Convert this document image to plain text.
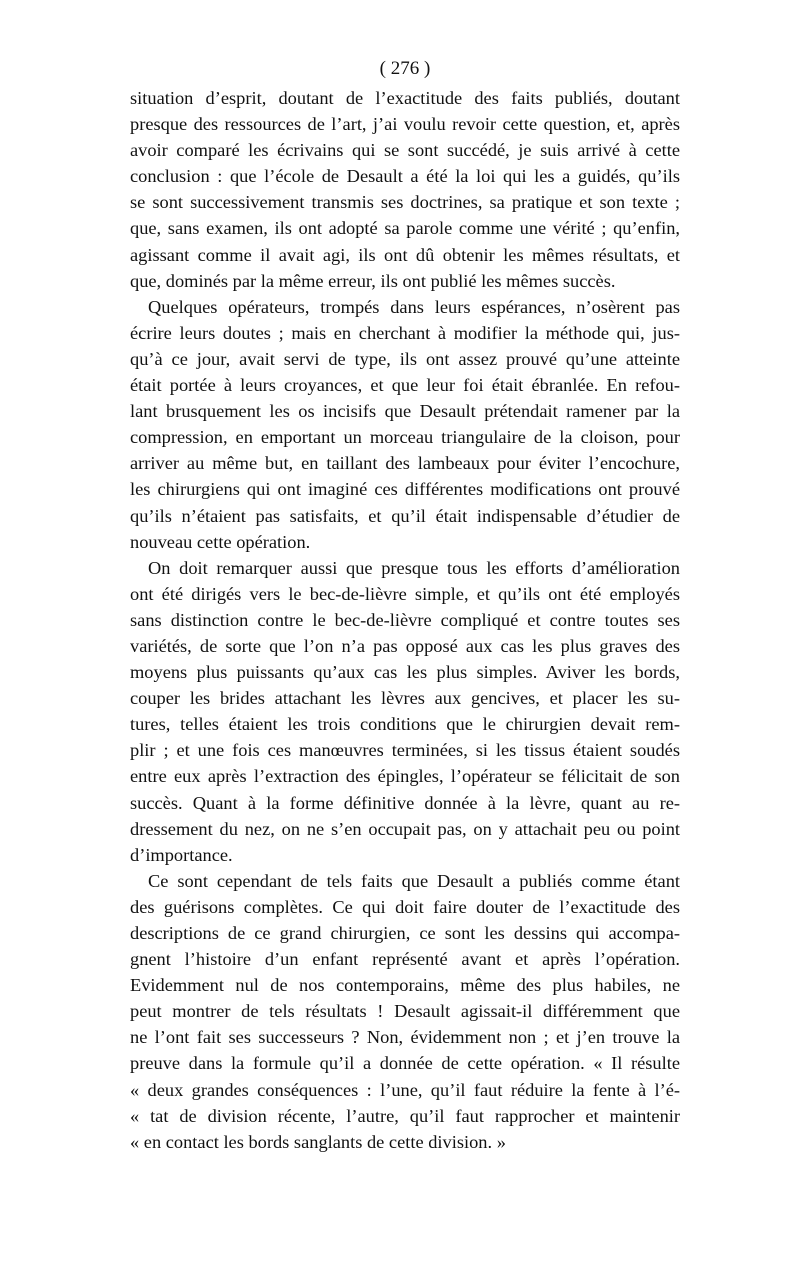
( 276 )
situation d’esprit, doutant de l’exactitude des faits publiés, doutant
presque des ressources de l’art, j’ai voulu revoir cette question, et, après
avoir comparé les écrivains qui se sont succédé, je suis arrivé à cette
conclusion : que l’école de Desault a été la loi qui les a guidés, qu’ils
se sont successivement transmis ses doctrines, sa pratique et son texte ;
que, sans examen, ils ont adopté sa parole comme une vérité ; qu’enfin,
agissant comme il avait agi, ils ont dû obtenir les mêmes résultats, et
que, dominés par la même erreur, ils ont publié les mêmes succès.
Quelques opérateurs, trompés dans leurs espérances, n’osèrent pas
écrire leurs doutes ; mais en cherchant à modifier la méthode qui, jus-
qu’à ce jour, avait servi de type, ils ont assez prouvé qu’une atteinte
était portée à leurs croyances, et que leur foi était ébranlée. En refou-
lant brusquement les os incisifs que Desault prétendait ramener par la
compression, en emportant un morceau triangulaire de la cloison, pour
arriver au même but, en taillant des lambeaux pour éviter l’encochure,
les chirurgiens qui ont imaginé ces différentes modifications ont prouvé
qu’ils n’étaient pas satisfaits, et qu’il était indispensable d’étudier de
nouveau cette opération.
On doit remarquer aussi que presque tous les efforts d’amélioration
ont été dirigés vers le bec-de-lièvre simple, et qu’ils ont été employés
sans distinction contre le bec-de-lièvre compliqué et contre toutes ses
variétés, de sorte que l’on n’a pas opposé aux cas les plus graves des
moyens plus puissants qu’aux cas les plus simples. Aviver les bords,
couper les brides attachant les lèvres aux gencives, et placer les su-
tures, telles étaient les trois conditions que le chirurgien devait rem-
plir ; et une fois ces manœuvres terminées, si les tissus étaient soudés
entre eux après l’extraction des épingles, l’opérateur se félicitait de son
succès. Quant à la forme définitive donnée à la lèvre, quant au re-
dressement du nez, on ne s’en occupait pas, on y attachait peu ou point
d’importance.
Ce sont cependant de tels faits que Desault a publiés comme étant
des guérisons complètes. Ce qui doit faire douter de l’exactitude des
descriptions de ce grand chirurgien, ce sont les dessins qui accompa-
gnent l’histoire d’un enfant représenté avant et après l’opération.
Evidemment nul de nos contemporains, même des plus habiles, ne
peut montrer de tels résultats ! Desault agissait-il différemment que
ne l’ont fait ses successeurs ? Non, évidemment non ; et j’en trouve la
preuve dans la formule qu’il a donnée de cette opération. « Il résulte
« deux grandes conséquences : l’une, qu’il faut réduire la fente à l’é-
« tat de division récente, l’autre, qu’il faut rapprocher et maintenir
« en contact les bords sanglants de cette division. »
